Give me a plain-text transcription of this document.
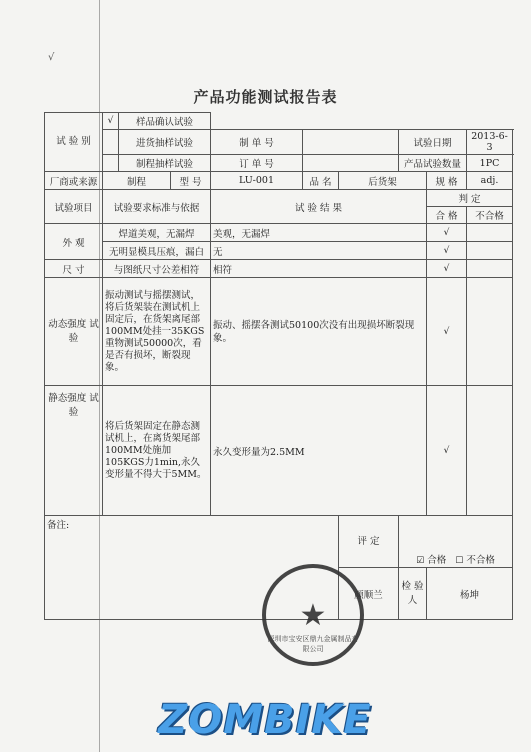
√
产品功能测试报告表
试 验 别	√	样品确认试验							
		进货抽样试验		制 单 号			试验日期		2013-6-3
		制程抽样试验		订 单 号			产品试验数量		1PC
厂商或来源	制程		型 号	LU-001	品 名	后货架		规 格	adj.
试验项目	试验要求标准与依据			试 验 结 果				判 定	
								合 格	不合格
外 观	焊道美观，无漏焊			美观，无漏焊				√	
	无明显模具压痕，漏白			无				√	
尺 寸	与图纸尺寸公差相符			相符				√	
动态强度 试 验	振动测试与摇摆测试，将后货架装在测试机上固定后，在货架离尾部100MM处挂一35KGS重物测试50000次，看是否有损坏，断裂现象。			振动、摇摆各测试50100次没有出现损坏断裂现象。				√	
静态强度 试 验	将后货架固定在静态测试机上，在离货架尾部100MM处施加105KGS力1min,永久变形量不得大于5MM。			永久变形量为2.5MM				√	
备注:						评 定	☑ 合格 ☐ 不合格		
						颜顺兰	检 验 人	杨坤	
★
深圳市宝安区鼎九金属制品有限公司
ZOMBIKE
